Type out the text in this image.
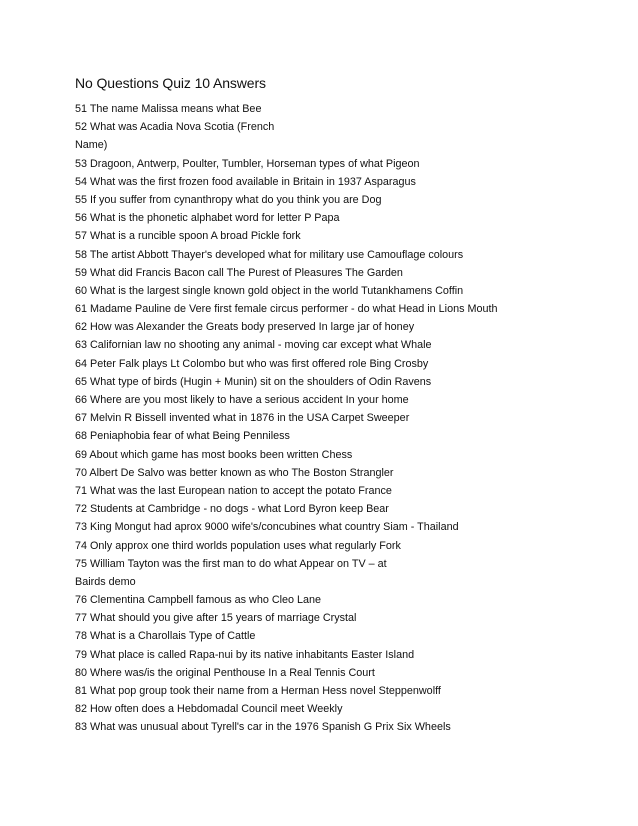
No Questions Quiz 10 Answers
51 The name Malissa means what Bee
52 What was Acadia Nova Scotia (French
Name)
53 Dragoon, Antwerp, Poulter, Tumbler, Horseman types of what Pigeon
54 What was the first frozen food available in Britain in 1937 Asparagus
55 If you suffer from cynanthropy what do you think you are Dog
56 What is the phonetic alphabet word for letter P Papa
57 What is a runcible spoon A broad Pickle fork
58 The artist Abbott Thayer's developed what for military use Camouflage colours
59 What did Francis Bacon call The Purest of Pleasures The Garden
60 What is the largest single known gold object in the world Tutankhamens Coffin
61 Madame Pauline de Vere first female circus performer - do what Head in Lions Mouth
62 How was Alexander the Greats body preserved In large jar of honey
63 Californian law no shooting any animal - moving car except what Whale
64 Peter Falk plays Lt Colombo but who was first offered role Bing Crosby
65 What type of birds (Hugin + Munin) sit on the shoulders of Odin Ravens
66 Where are you most likely to have a serious accident In your home
67 Melvin R Bissell invented what in 1876 in the USA Carpet Sweeper
68 Peniaphobia fear of what Being Penniless
69 About which game has most books been written Chess
70 Albert De Salvo was better known as who The Boston Strangler
71 What was the last European nation to accept the potato France
72 Students at Cambridge - no dogs - what Lord Byron keep Bear
73 King Mongut had aprox 9000 wife's/concubines what country Siam - Thailand
74 Only approx one third worlds population uses what regularly Fork
75 William Tayton was the first man to do what Appear on TV – at
Bairds demo
76 Clementina Campbell famous as who Cleo Lane
77 What should you give after 15 years of marriage Crystal
78 What is a Charollais Type of Cattle
79 What place is called Rapa-nui by its native inhabitants Easter Island
80 Where was/is the original Penthouse In a Real Tennis Court
81 What pop group took their name from a Herman Hess novel Steppenwolff
82 How often does a Hebdomadal Council meet Weekly
83 What was unusual about Tyrell's car in the 1976 Spanish G Prix Six Wheels
